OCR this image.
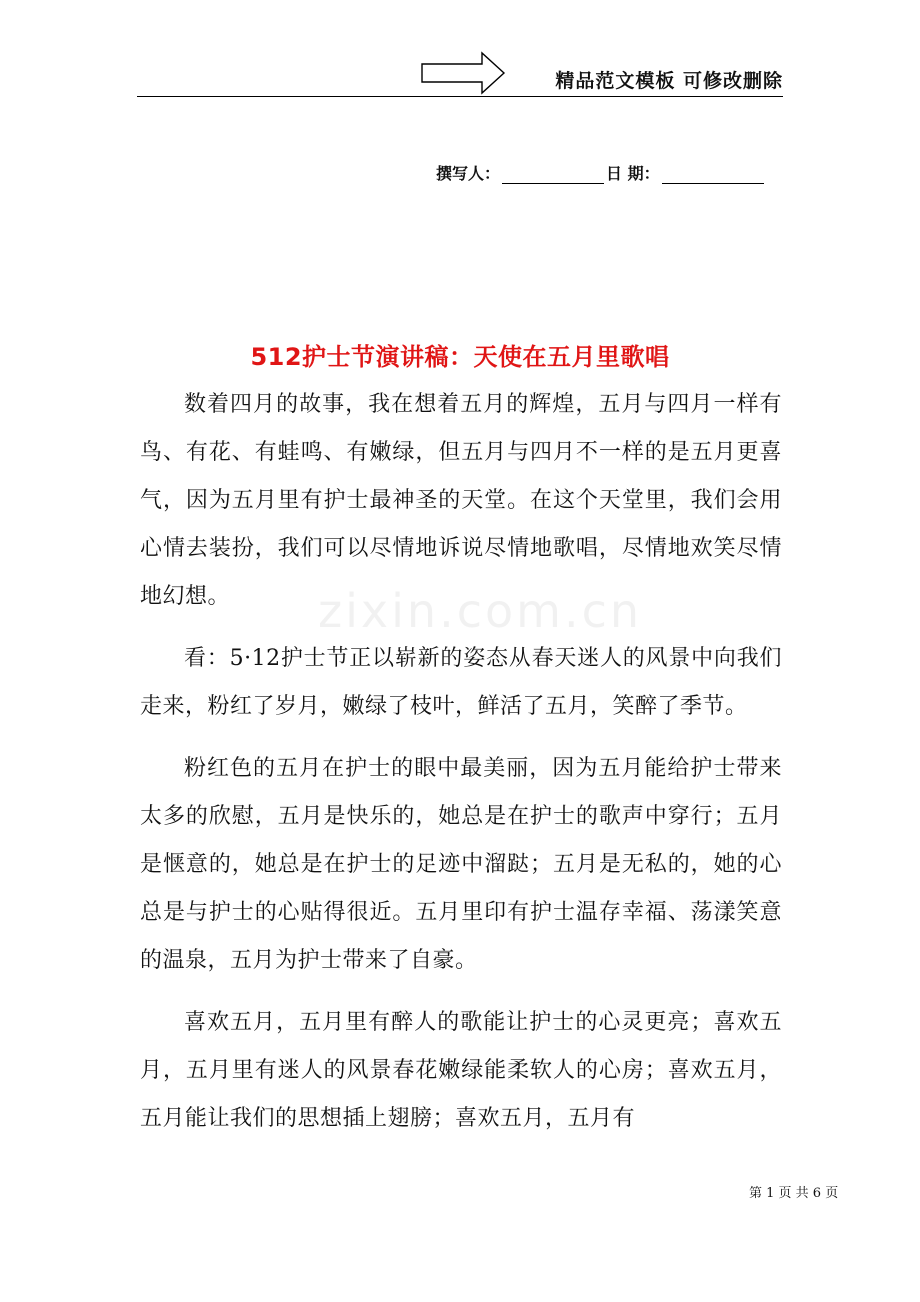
精品范文模板 可修改删除
撰写人：	日 期：
512护士节演讲稿：天使在五月里歌唱
zixin.com.cn

数着四月的故事，我在想着五月的辉煌，五月与四月一样有鸟、有花、有蛙鸣、有嫩绿，但五月与四月不一样的是五月更喜气，因为五月里有护士最神圣的天堂。在这个天堂里，我们会用心情去装扮，我们可以尽情地诉说尽情地歌唱，尽情地欢笑尽情地幻想。

看：5·12护士节正以崭新的姿态从春天迷人的风景中向我们走来，粉红了岁月，嫩绿了枝叶，鲜活了五月，笑醉了季节。

粉红色的五月在护士的眼中最美丽，因为五月能给护士带来太多的欣慰，五月是快乐的，她总是在护士的歌声中穿行；五月是惬意的，她总是在护士的足迹中溜跶；五月是无私的，她的心总是与护士的心贴得很近。五月里印有护士温存幸福、荡漾笑意的温泉，五月为护士带来了自豪。

喜欢五月，五月里有醉人的歌能让护士的心灵更亮；喜欢五月，五月里有迷人的风景春花嫩绿能柔软人的心房；喜欢五月，五月能让我们的思想插上翅膀；喜欢五月，五月有

第 1 页 共 6 页
